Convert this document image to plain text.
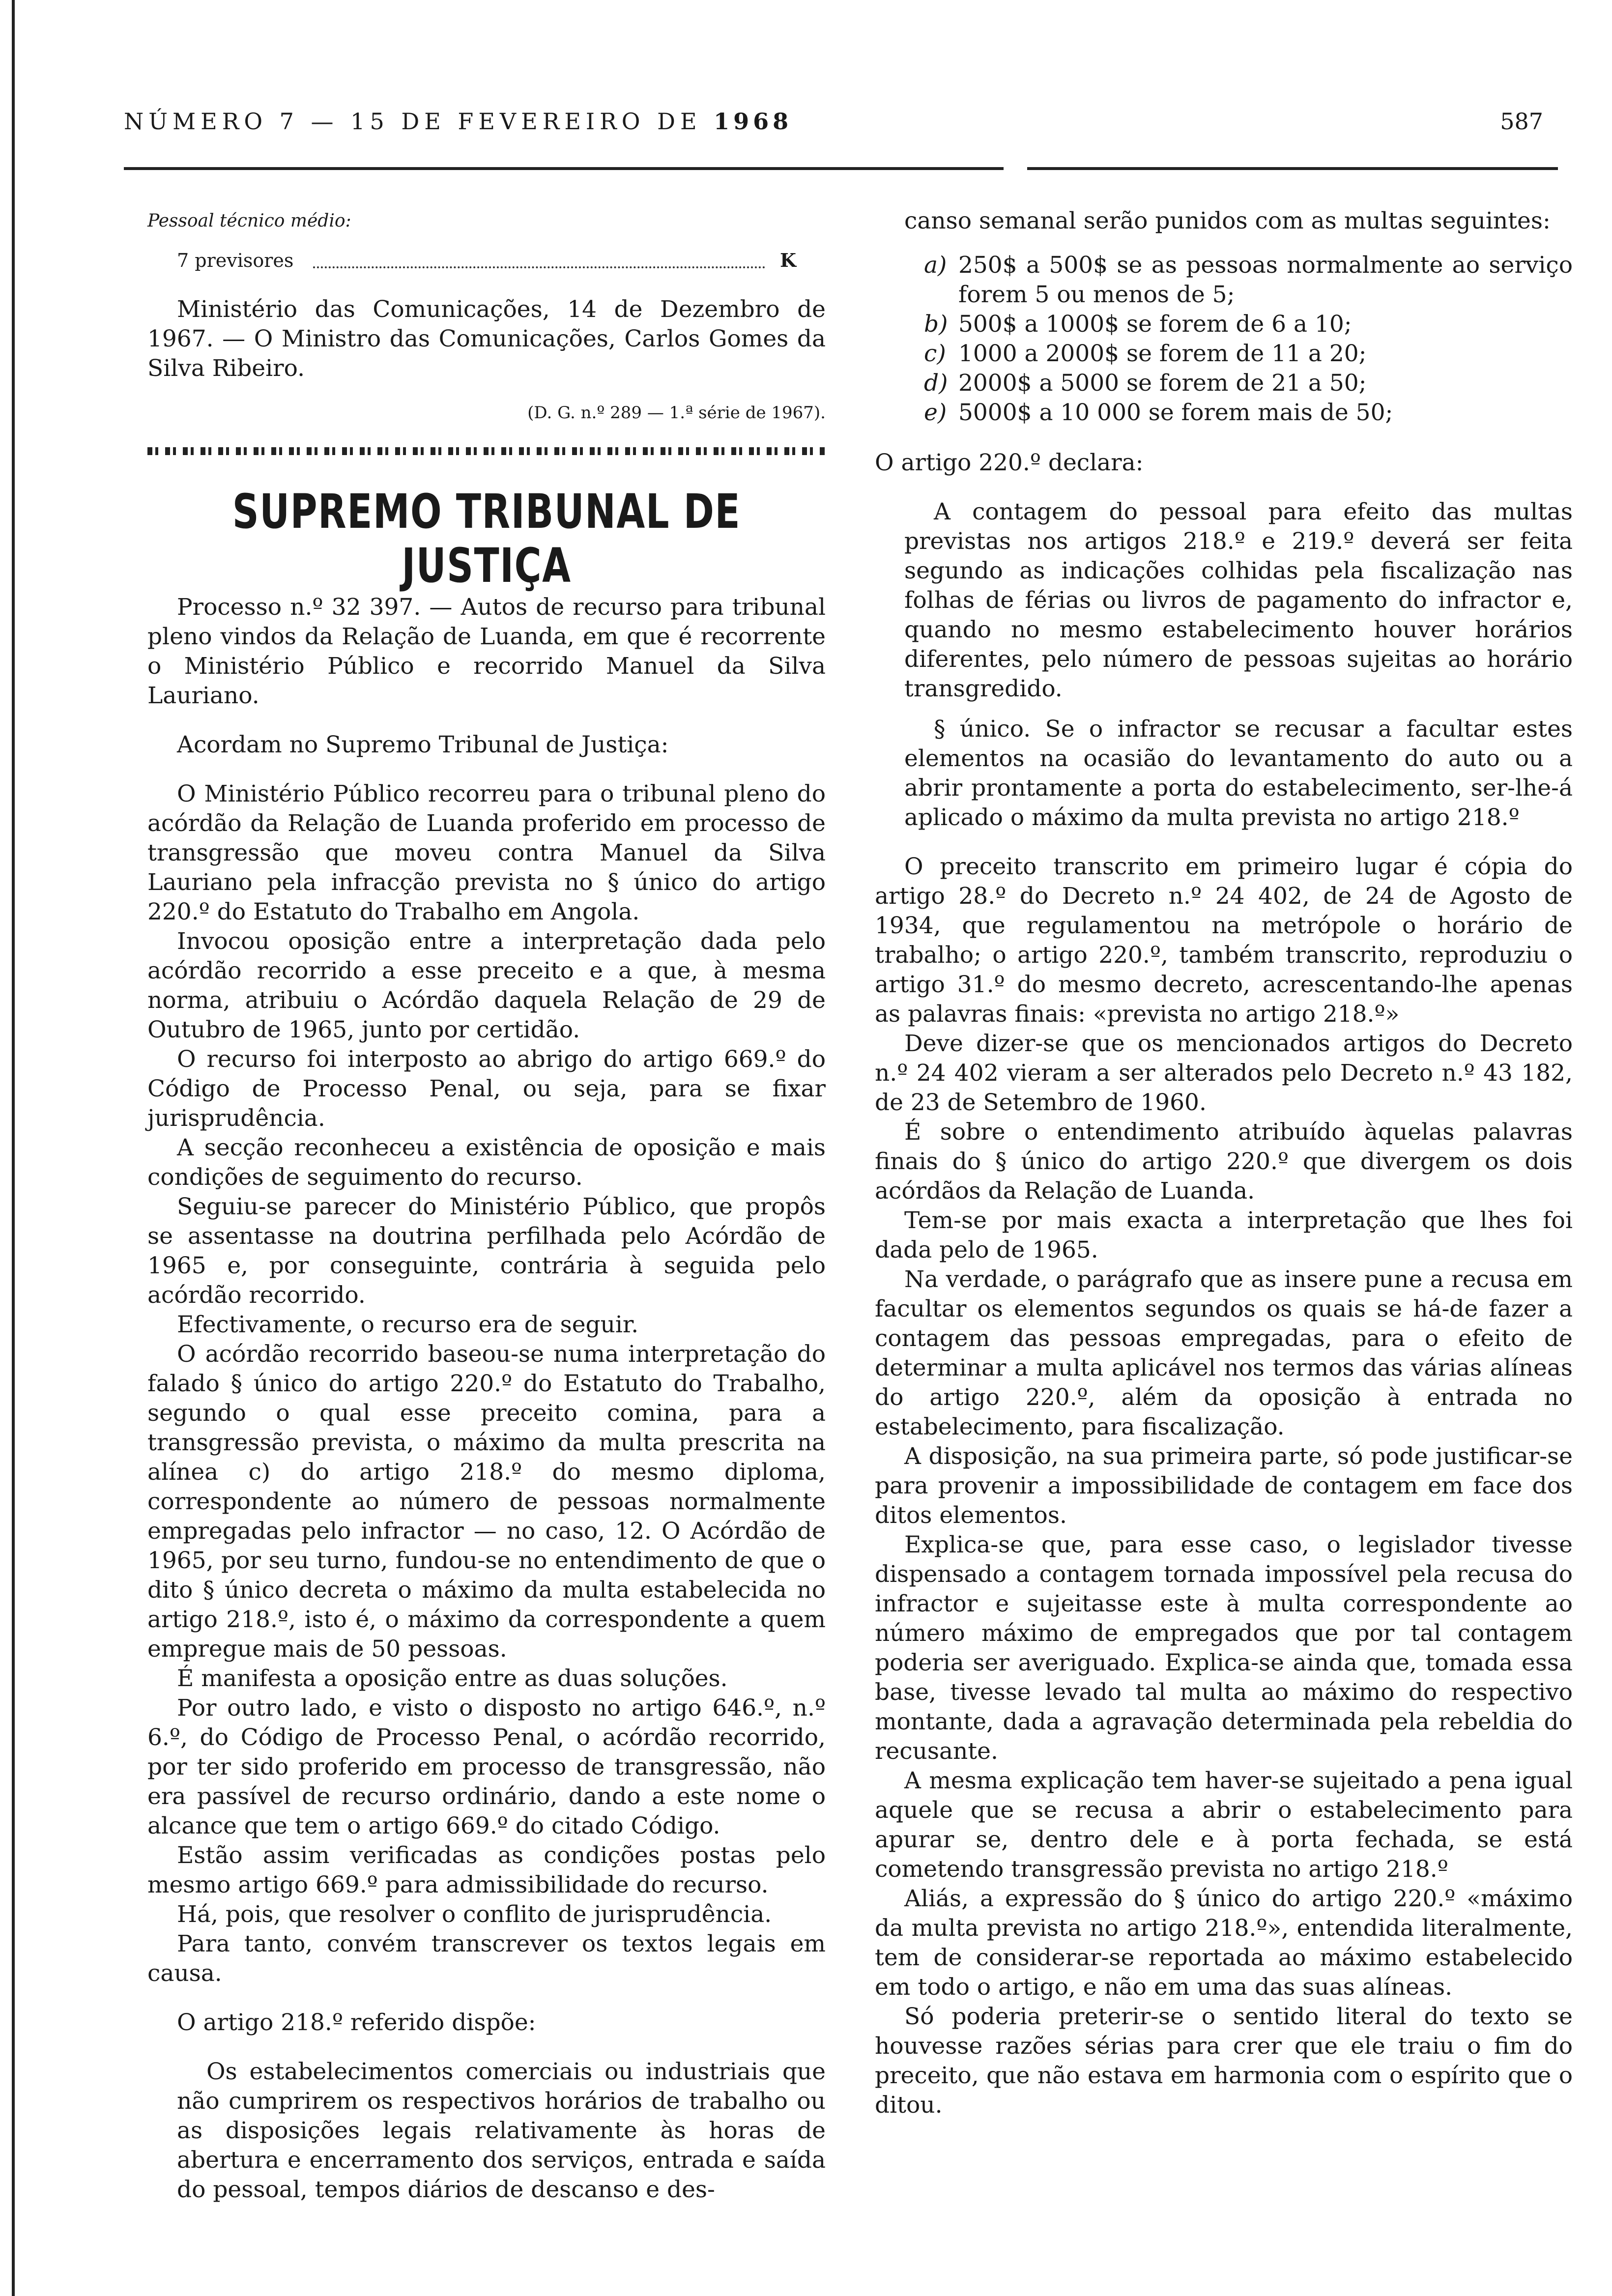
NÚMERO 7 — 15 DE FEVEREIRO DE 1968	587

Pessoal técnico médio:

7 previsores	K

Ministério das Comunicações, 14 de Dezembro de 1967. — O Ministro das Comunicações, Carlos Gomes da Silva Ribeiro.

(D. G. n.º 289 — 1.ª série de 1967).

SUPREMO TRIBUNAL DE JUSTIÇA

Processo n.º 32 397. — Autos de recurso para tribunal pleno vindos da Relação de Luanda, em que é recorrente o Ministério Público e recorrido Manuel da Silva Lauriano.

Acordam no Supremo Tribunal de Justiça:

O Ministério Público recorreu para o tribunal pleno do acórdão da Relação de Luanda proferido em processo de transgressão que moveu contra Manuel da Silva Lauriano pela infracção prevista no § único do artigo 220.º do Estatuto do Trabalho em Angola.

Invocou oposição entre a interpretação dada pelo acórdão recorrido a esse preceito e a que, à mesma norma, atribuiu o Acórdão daquela Relação de 29 de Outubro de 1965, junto por certidão.

O recurso foi interposto ao abrigo do artigo 669.º do Código de Processo Penal, ou seja, para se fixar jurisprudência.

A secção reconheceu a existência de oposição e mais condições de seguimento do recurso.

Seguiu-se parecer do Ministério Público, que propôs se assentasse na doutrina perfilhada pelo Acórdão de 1965 e, por conseguinte, contrária à seguida pelo acórdão recorrido.

Efectivamente, o recurso era de seguir.

O acórdão recorrido baseou-se numa interpretação do falado § único do artigo 220.º do Estatuto do Trabalho, segundo o qual esse preceito comina, para a transgressão prevista, o máximo da multa prescrita na alínea c) do artigo 218.º do mesmo diploma, correspondente ao número de pessoas normalmente empregadas pelo infractor — no caso, 12. O Acórdão de 1965, por seu turno, fundou-se no entendimento de que o dito § único decreta o máximo da multa estabelecida no artigo 218.º, isto é, o máximo da correspondente a quem empregue mais de 50 pessoas.

É manifesta a oposição entre as duas soluções.

Por outro lado, e visto o disposto no artigo 646.º, n.º 6.º, do Código de Processo Penal, o acórdão recorrido, por ter sido proferido em processo de transgressão, não era passível de recurso ordinário, dando a este nome o alcance que tem o artigo 669.º do citado Código.

Estão assim verificadas as condições postas pelo mesmo artigo 669.º para admissibilidade do recurso.

Há, pois, que resolver o conflito de jurisprudência.

Para tanto, convém transcrever os textos legais em causa.

O artigo 218.º referido dispõe:

Os estabelecimentos comerciais ou industriais que não cumprirem os respectivos horários de trabalho ou as disposições legais relativamente às horas de abertura e encerramento dos serviços, entrada e saída do pessoal, tempos diários de descanso e des-

canso semanal serão punidos com as multas seguintes:

a) 250$ a 500$ se as pessoas normalmente ao serviço forem 5 ou menos de 5;
b) 500$ a 1000$ se forem de 6 a 10;
c) 1000 a 2000$ se forem de 11 a 20;
d) 2000$ a 5000 se forem de 21 a 50;
e) 5000$ a 10 000 se forem mais de 50;

O artigo 220.º declara:

A contagem do pessoal para efeito das multas previstas nos artigos 218.º e 219.º deverá ser feita segundo as indicações colhidas pela fiscalização nas folhas de férias ou livros de pagamento do infractor e, quando no mesmo estabelecimento houver horários diferentes, pelo número de pessoas sujeitas ao horário transgredido.

§ único. Se o infractor se recusar a facultar estes elementos na ocasião do levantamento do auto ou a abrir prontamente a porta do estabelecimento, ser-lhe-á aplicado o máximo da multa prevista no artigo 218.º

O preceito transcrito em primeiro lugar é cópia do artigo 28.º do Decreto n.º 24 402, de 24 de Agosto de 1934, que regulamentou na metrópole o horário de trabalho; o artigo 220.º, também transcrito, reproduziu o artigo 31.º do mesmo decreto, acrescentando-lhe apenas as palavras finais: «prevista no artigo 218.º»

Deve dizer-se que os mencionados artigos do Decreto n.º 24 402 vieram a ser alterados pelo Decreto n.º 43 182, de 23 de Setembro de 1960.

É sobre o entendimento atribuído àquelas palavras finais do § único do artigo 220.º que divergem os dois acórdãos da Relação de Luanda.

Tem-se por mais exacta a interpretação que lhes foi dada pelo de 1965.

Na verdade, o parágrafo que as insere pune a recusa em facultar os elementos segundos os quais se há-de fazer a contagem das pessoas empregadas, para o efeito de determinar a multa aplicável nos termos das várias alíneas do artigo 220.º, além da oposição à entrada no estabelecimento, para fiscalização.

A disposição, na sua primeira parte, só pode justificar-se para provenir a impossibilidade de contagem em face dos ditos elementos.

Explica-se que, para esse caso, o legislador tivesse dispensado a contagem tornada impossível pela recusa do infractor e sujeitasse este à multa correspondente ao número máximo de empregados que por tal contagem poderia ser averiguado. Explica-se ainda que, tomada essa base, tivesse levado tal multa ao máximo do respectivo montante, dada a agravação determinada pela rebeldia do recusante.

A mesma explicação tem haver-se sujeitado a pena igual aquele que se recusa a abrir o estabelecimento para apurar se, dentro dele e à porta fechada, se está cometendo transgressão prevista no artigo 218.º

Aliás, a expressão do § único do artigo 220.º «máximo da multa prevista no artigo 218.º», entendida literalmente, tem de considerar-se reportada ao máximo estabelecido em todo o artigo, e não em uma das suas alíneas.

Só poderia preterir-se o sentido literal do texto se houvesse razões sérias para crer que ele traiu o fim do preceito, que não estava em harmonia com o espírito que o ditou.
